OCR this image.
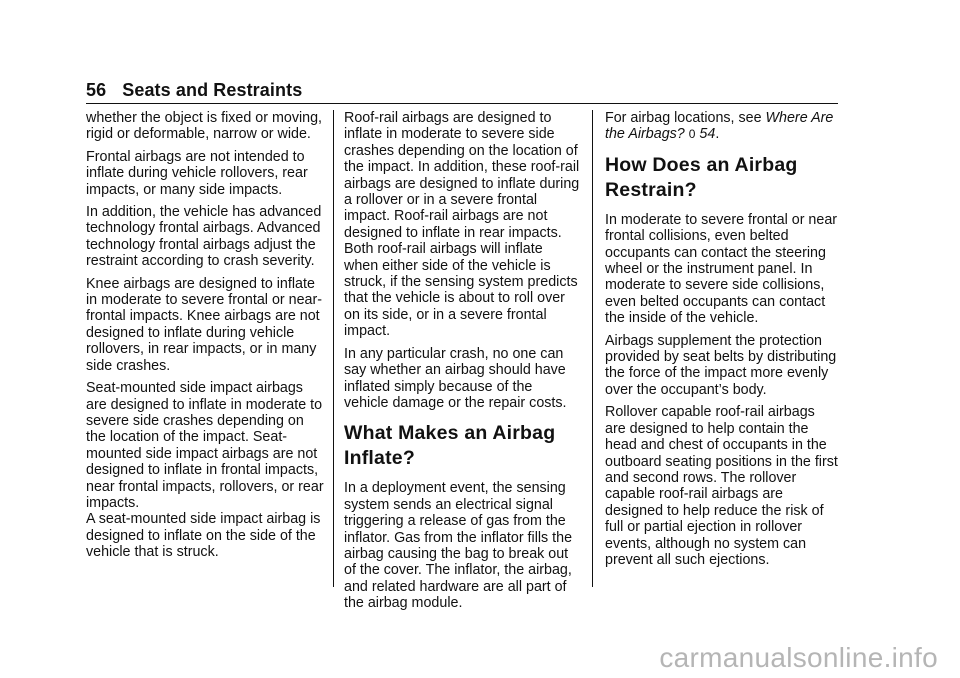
56 Seats and Restraints

whether the object is fixed or moving, rigid or deformable, narrow or wide.

Frontal airbags are not intended to inflate during vehicle rollovers, rear impacts, or many side impacts.

In addition, the vehicle has advanced technology frontal airbags. Advanced technology frontal airbags adjust the restraint according to crash severity.

Knee airbags are designed to inflate in moderate to severe frontal or near-frontal impacts. Knee airbags are not designed to inflate during vehicle rollovers, in rear impacts, or in many side crashes.

Seat-mounted side impact airbags are designed to inflate in moderate to severe side crashes depending on the location of the impact. Seat-mounted side impact airbags are not designed to inflate in frontal impacts, near frontal impacts, rollovers, or rear impacts.

A seat-mounted side impact airbag is designed to inflate on the side of the vehicle that is struck.

Roof-rail airbags are designed to inflate in moderate to severe side crashes depending on the location of the impact. In addition, these roof-rail airbags are designed to inflate during a rollover or in a severe frontal impact. Roof-rail airbags are not designed to inflate in rear impacts. Both roof-rail airbags will inflate when either side of the vehicle is struck, if the sensing system predicts that the vehicle is about to roll over on its side, or in a severe frontal impact.

In any particular crash, no one can say whether an airbag should have inflated simply because of the vehicle damage or the repair costs.

What Makes an Airbag Inflate?

In a deployment event, the sensing system sends an electrical signal triggering a release of gas from the inflator. Gas from the inflator fills the airbag causing the bag to break out of the cover. The inflator, the airbag, and related hardware are all part of the airbag module.

For airbag locations, see Where Are the Airbags? 0 54.

How Does an Airbag Restrain?

In moderate to severe frontal or near frontal collisions, even belted occupants can contact the steering wheel or the instrument panel. In moderate to severe side collisions, even belted occupants can contact the inside of the vehicle.

Airbags supplement the protection provided by seat belts by distributing the force of the impact more evenly over the occupant’s body.

Rollover capable roof-rail airbags are designed to help contain the head and chest of occupants in the outboard seating positions in the first and second rows. The rollover capable roof-rail airbags are designed to help reduce the risk of full or partial ejection in rollover events, although no system can prevent all such ejections.

carmanualsonline.info
